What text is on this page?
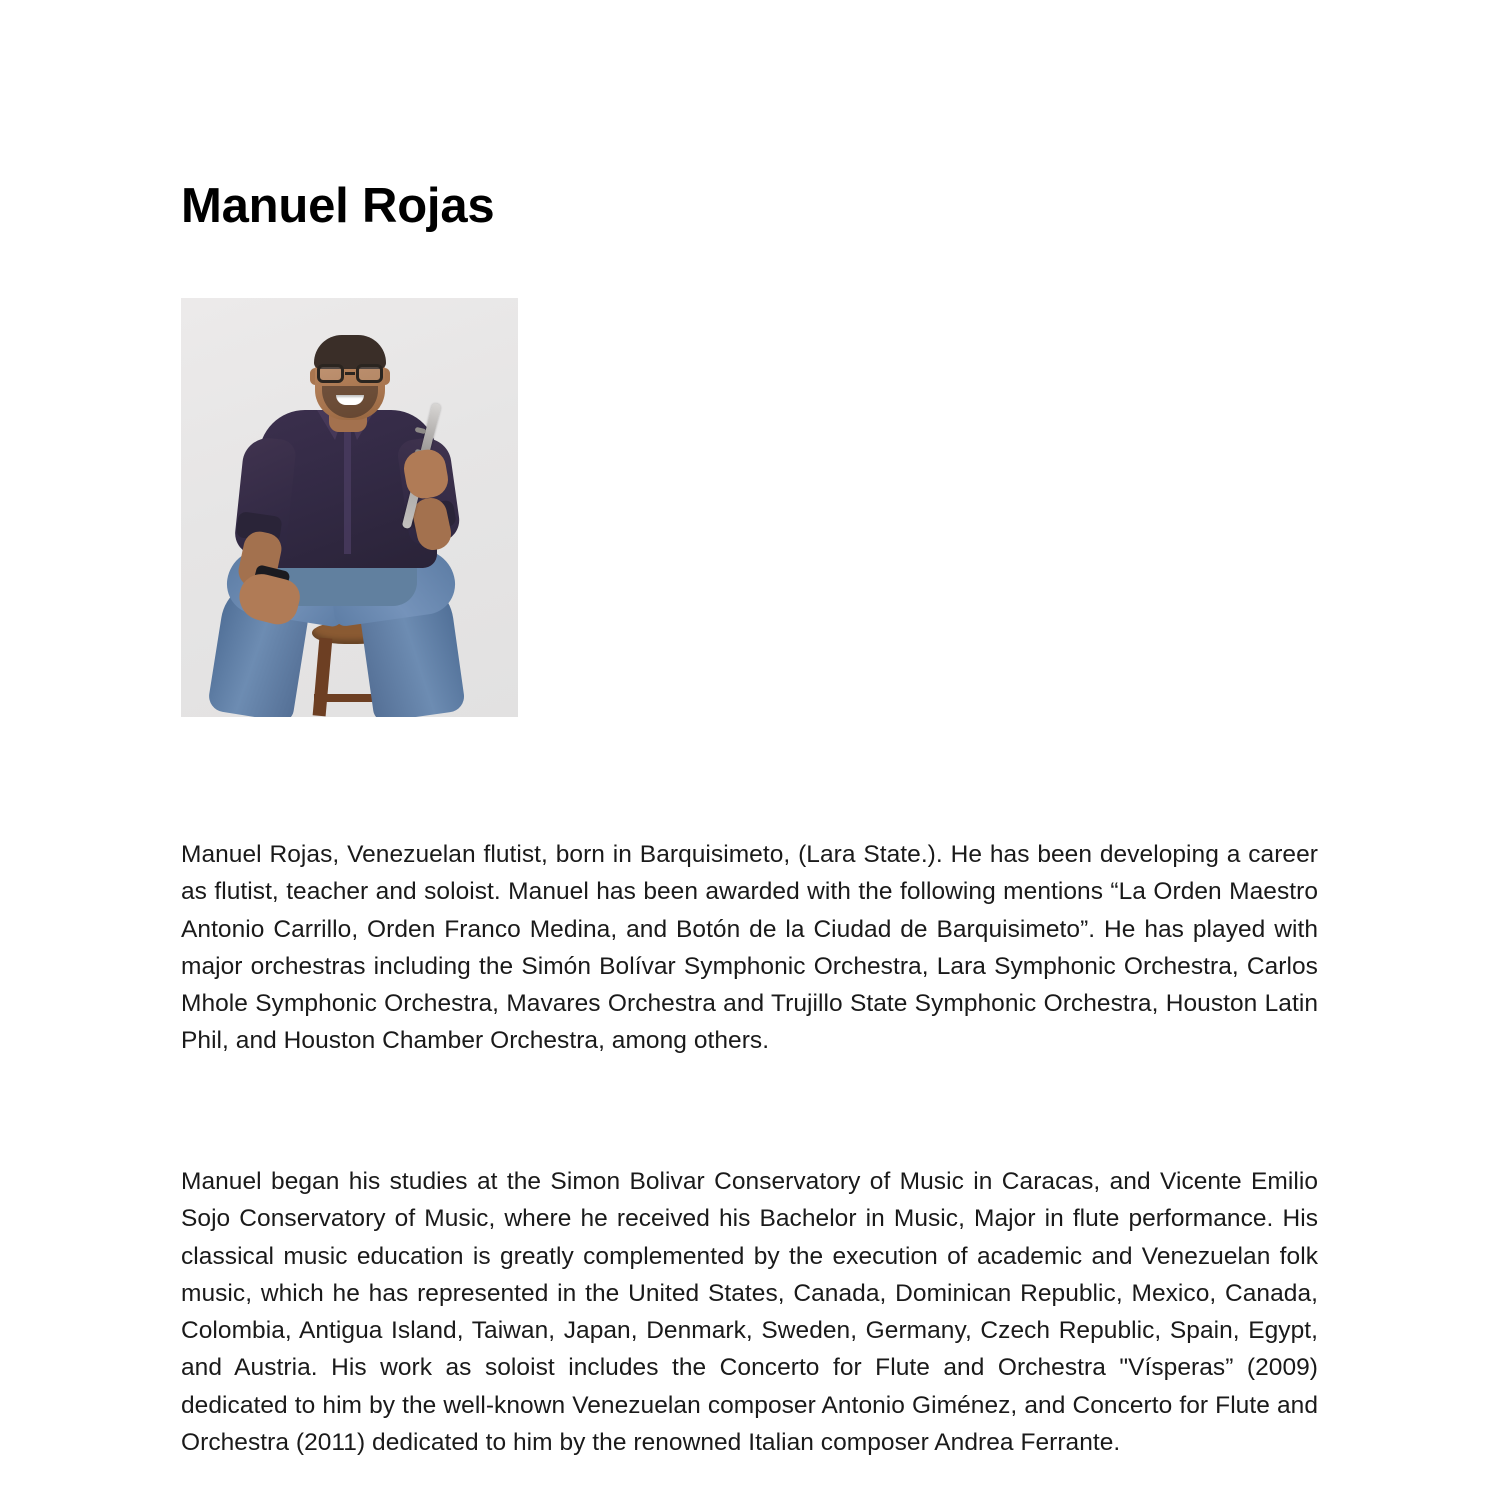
Manuel Rojas

Manuel Rojas, Venezuelan flutist, born in Barquisimeto, (Lara State.). He has been developing a career as flutist, teacher and soloist. Manuel has been awarded with the following mentions “La Orden Maestro Antonio Carrillo, Orden Franco Medina, and Botón de la Ciudad de Barquisimeto”. He has played with major orchestras including the Simón Bolívar Symphonic Orchestra, Lara Symphonic Orchestra, Carlos Mhole Symphonic Orchestra, Mavares Orchestra and Trujillo State Symphonic Orchestra, Houston Latin Phil, and Houston Chamber Orchestra, among others.

Manuel began his studies at the Simon Bolivar Conservatory of Music in Caracas, and Vicente Emilio Sojo Conservatory of Music, where he received his Bachelor in Music, Major in flute performance. His classical music education is greatly complemented by the execution of academic and Venezuelan folk music, which he has represented in the United States, Canada, Dominican Republic, Mexico, Canada, Colombia, Antigua Island, Taiwan, Japan, Denmark, Sweden, Germany, Czech Republic, Spain, Egypt, and Austria. His work as soloist includes the Concerto for Flute and Orchestra "Vísperas” (2009) dedicated to him by the well-known Venezuelan composer Antonio Giménez, and Concerto for Flute and Orchestra (2011) dedicated to him by the renowned Italian composer Andrea Ferrante.
